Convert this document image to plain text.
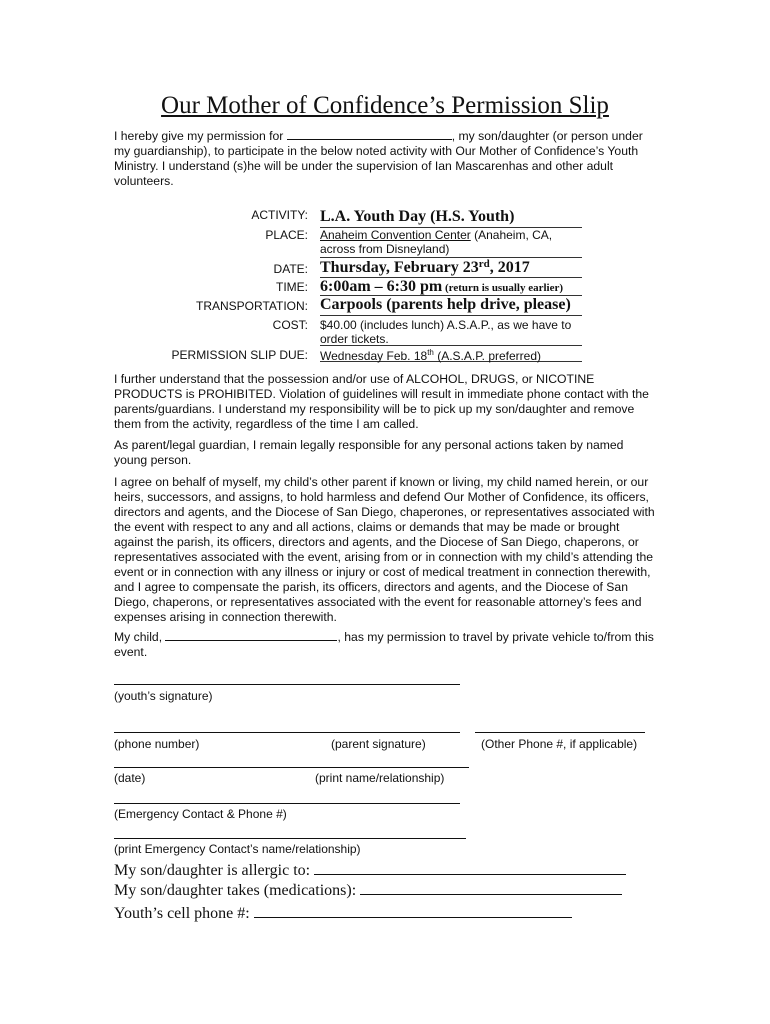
Our Mother of Confidence’s Permission Slip

I hereby give my permission for	, my son/daughter (or person under my guardianship), to participate in the below noted activity with Our Mother of Confidence’s Youth Ministry. I understand (s)he will be under the supervision of Ian Mascarenhas and other adult volunteers.

ACTIVITY: L.A. Youth Day (H.S. Youth)
PLACE:	Anaheim Convention Center (Anaheim, CA, across from Disneyland)
DATE: Thursday, February 23rd, 2017
TIME: 6:00am – 6:30 pm (return is usually earlier)
TRANSPORTATION: Carpools (parents help drive, please)
COST:	$40.00 (includes lunch) A.S.A.P., as we have to order tickets.
PERMISSION SLIP DUE:	Wednesday Feb. 18th (A.S.A.P. preferred)

I further understand that the possession and/or use of ALCOHOL, DRUGS, or NICOTINE PRODUCTS is PROHIBITED. Violation of guidelines will result in immediate phone contact with the parents/guardians. I understand my responsibility will be to pick up my son/daughter and remove them from the activity, regardless of the time I am called.

As parent/legal guardian, I remain legally responsible for any personal actions taken by named young person.

I agree on behalf of myself, my child’s other parent if known or living, my child named herein, or our heirs, successors, and assigns, to hold harmless and defend Our Mother of Confidence, its officers, directors and agents, and the Diocese of San Diego, chaperones, or representatives associated with the event with respect to any and all actions, claims or demands that may be made or brought against the parish, its officers, directors and agents, and the Diocese of San Diego, chaperons, or representatives associated with the event, arising from or in connection with my child’s attending the event or in connection with any illness or injury or cost of medical treatment in connection therewith, and I agree to compensate the parish, its officers, directors and agents, and the Diocese of San Diego, chaperons, or representatives associated with the event for reasonable attorney’s fees and expenses arising in connection therewith.

My child,	, has my permission to travel by private vehicle to/from this event.

(youth’s signature)
(phone number)	(parent signature)	(Other Phone #, if applicable)
(date)	(print name/relationship)
(Emergency Contact & Phone #)
(print Emergency Contact’s name/relationship)
My son/daughter is allergic to:
My son/daughter takes (medications):
Youth’s cell phone #:
